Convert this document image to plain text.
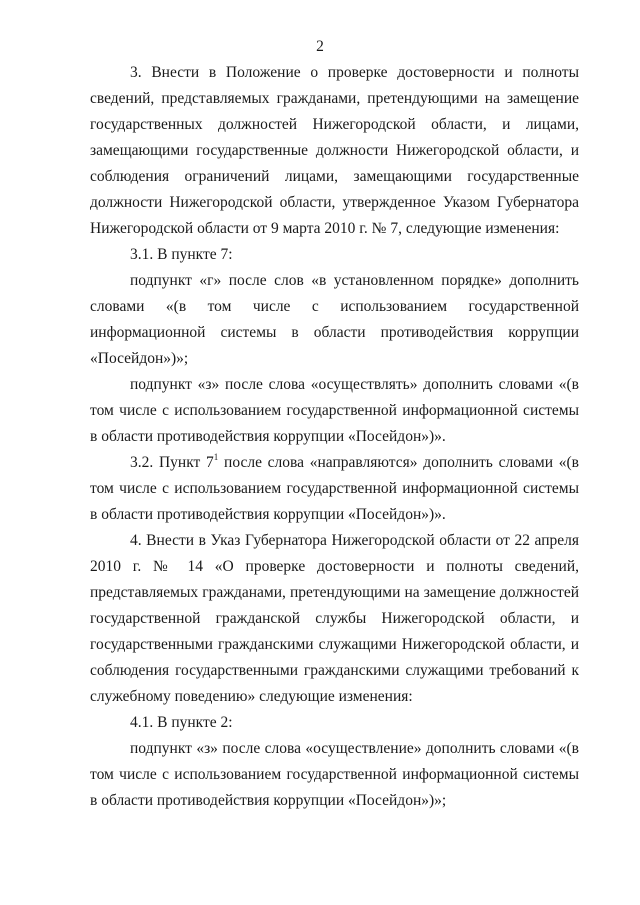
2

3. Внести в Положение о проверке достоверности и полноты сведений, представляемых гражданами, претендующими на замещение государственных должностей Нижегородской области, и лицами, замещающими государственные должности Нижегородской области, и соблюдения ограничений лицами, замещающими государственные должности Нижегородской области, утвержденное Указом Губернатора Нижегородской области от 9 марта 2010 г. № 7, следующие изменения:

3.1. В пункте 7:

подпункт «г» после слов «в установленном порядке» дополнить словами «(в том числе с использованием государственной информационной системы в области противодействия коррупции «Посейдон»)»;

подпункт «з» после слова «осуществлять» дополнить словами «(в том числе с использованием государственной информационной системы в области противодействия коррупции «Посейдон»)».

3.2. Пункт $7^1$ после слова «направляются» дополнить словами «(в том числе с использованием государственной информационной системы в области противодействия коррупции «Посейдон»)».

4. Внести в Указ Губернатора Нижегородской области от 22 апреля 2010 г. № 14 «О проверке достоверности и полноты сведений, представляемых гражданами, претендующими на замещение должностей государственной гражданской службы Нижегородской области, и государственными гражданскими служащими Нижегородской области, и соблюдения государственными гражданскими служащими требований к служебному поведению» следующие изменения:

4.1. В пункте 2:

подпункт «з» после слова «осуществление» дополнить словами «(в том числе с использованием государственной информационной системы в области противодействия коррупции «Посейдон»)»;
